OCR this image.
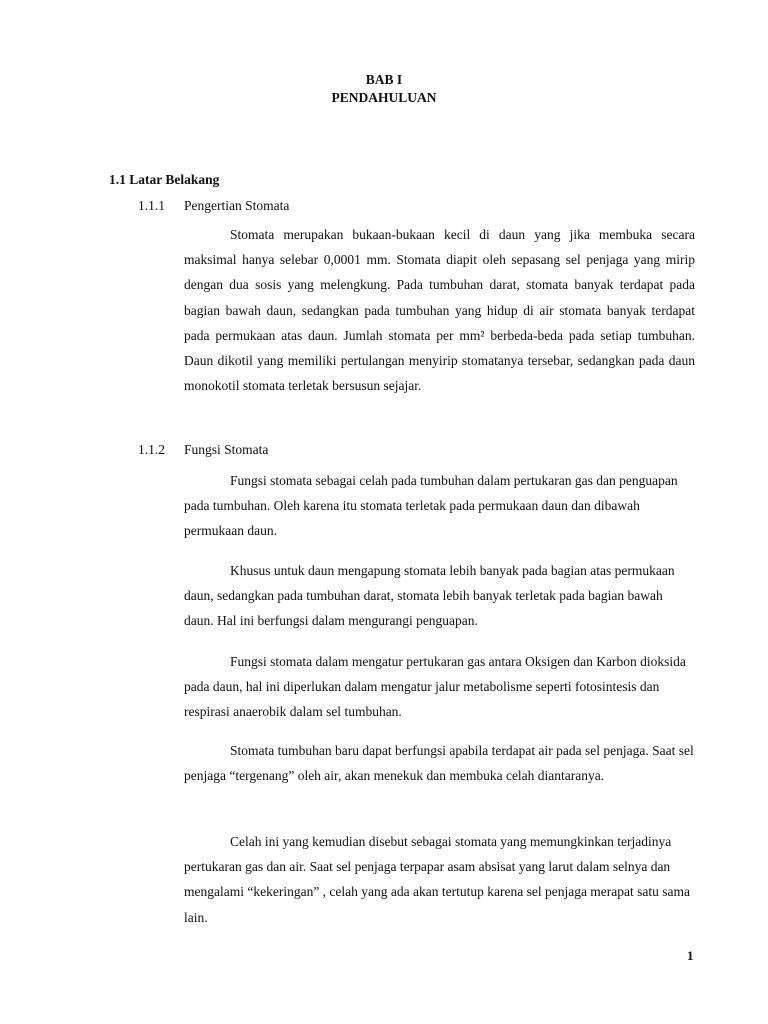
BAB I
PENDAHULUAN
1.1 Latar Belakang
1.1.1 Pengertian Stomata

Stomata merupakan bukaan-bukaan kecil di daun yang jika membuka secara maksimal hanya selebar 0,0001 mm. Stomata diapit oleh sepasang sel penjaga yang mirip dengan dua sosis yang melengkung. Pada tumbuhan darat, stomata banyak terdapat pada bagian bawah daun, sedangkan pada tumbuhan yang hidup di air stomata banyak terdapat pada permukaan atas daun. Jumlah stomata per mm² berbeda-beda pada setiap tumbuhan. Daun dikotil yang memiliki pertulangan menyirip stomatanya tersebar, sedangkan pada daun monokotil stomata terletak bersusun sejajar.

1.1.2 Fungsi Stomata

Fungsi stomata sebagai celah pada tumbuhan dalam pertukaran gas dan penguapan pada tumbuhan. Oleh karena itu stomata terletak pada permukaan daun dan dibawah permukaan daun.

Khusus untuk daun mengapung stomata lebih banyak pada bagian atas permukaan daun, sedangkan pada tumbuhan darat, stomata lebih banyak terletak pada bagian bawah daun. Hal ini berfungsi dalam mengurangi penguapan.

Fungsi stomata dalam mengatur pertukaran gas antara Oksigen dan Karbon dioksida pada daun, hal ini diperlukan dalam mengatur jalur metabolisme seperti fotosintesis dan respirasi anaerobik dalam sel tumbuhan.

Stomata tumbuhan baru dapat berfungsi apabila terdapat air pada sel penjaga. Saat sel penjaga “tergenang” oleh air, akan menekuk dan membuka celah diantaranya.

Celah ini yang kemudian disebut sebagai stomata yang memungkinkan terjadinya pertukaran gas dan air. Saat sel penjaga terpapar asam absisat yang larut dalam selnya dan mengalami “kekeringan” , celah yang ada akan tertutup karena sel penjaga merapat satu sama lain.

1
